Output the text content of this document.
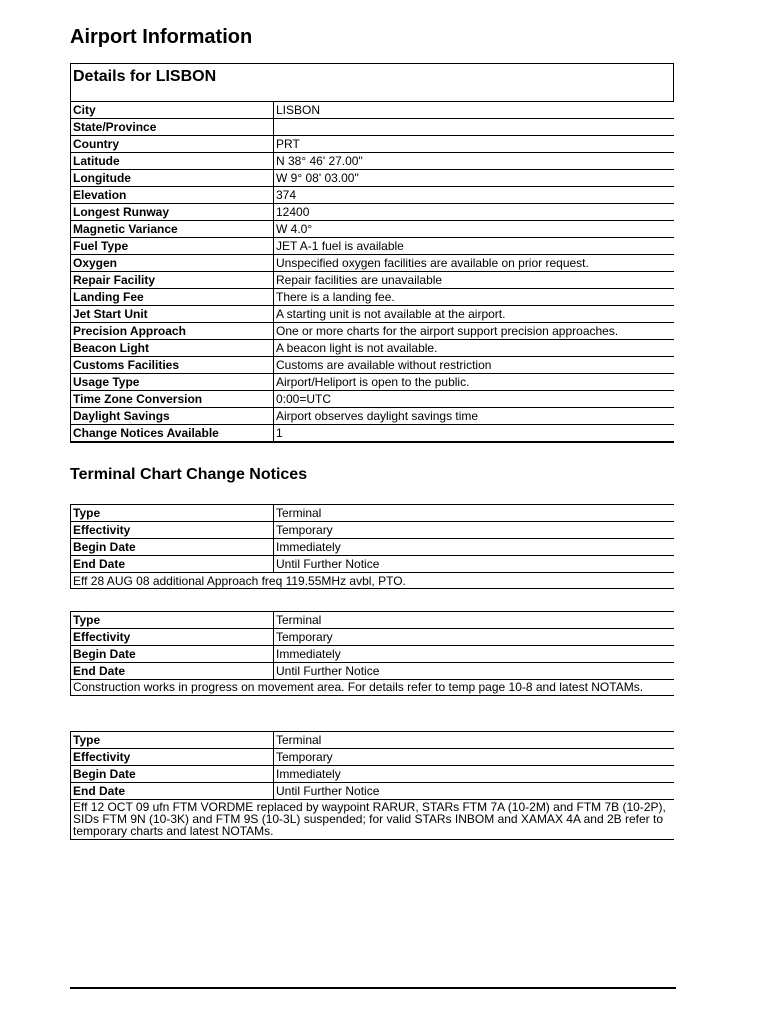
Airport Information
Details for LISBON
City	LISBON
State/Province	
Country	PRT
Latitude	N 38° 46' 27.00"
Longitude	W 9° 08' 03.00"
Elevation	374
Longest Runway	12400
Magnetic Variance	W 4.0°
Fuel Type	JET A-1 fuel is available
Oxygen	Unspecified oxygen facilities are available on prior request.
Repair Facility	Repair facilities are unavailable
Landing Fee	There is a landing fee.
Jet Start Unit	A starting unit is not available at the airport.
Precision Approach	One or more charts for the airport support precision approaches.
Beacon Light	A beacon light is not available.
Customs Facilities	Customs are available without restriction
Usage Type	Airport/Heliport is open to the public.
Time Zone Conversion	0:00=UTC
Daylight Savings	Airport observes daylight savings time
Change Notices Available	1
Terminal Chart Change Notices
Type	Terminal
Effectivity	Temporary
Begin Date	Immediately
End Date	Until Further Notice
Eff 28 AUG 08 additional Approach freq 119.55MHz avbl, PTO.
Type	Terminal
Effectivity	Temporary
Begin Date	Immediately
End Date	Until Further Notice
Construction works in progress on movement area. For details refer to temp page 10-8 and latest NOTAMs.
Type	Terminal
Effectivity	Temporary
Begin Date	Immediately
End Date	Until Further Notice
Eff 12 OCT 09 ufn FTM VORDME replaced by waypoint RARUR, STARs FTM 7A (10-2M) and FTM 7B (10-2P), SIDs FTM 9N (10-3K) and FTM 9S (10-3L) suspended; for valid STARs INBOM and XAMAX 4A and 2B refer to temporary charts and latest NOTAMs.
